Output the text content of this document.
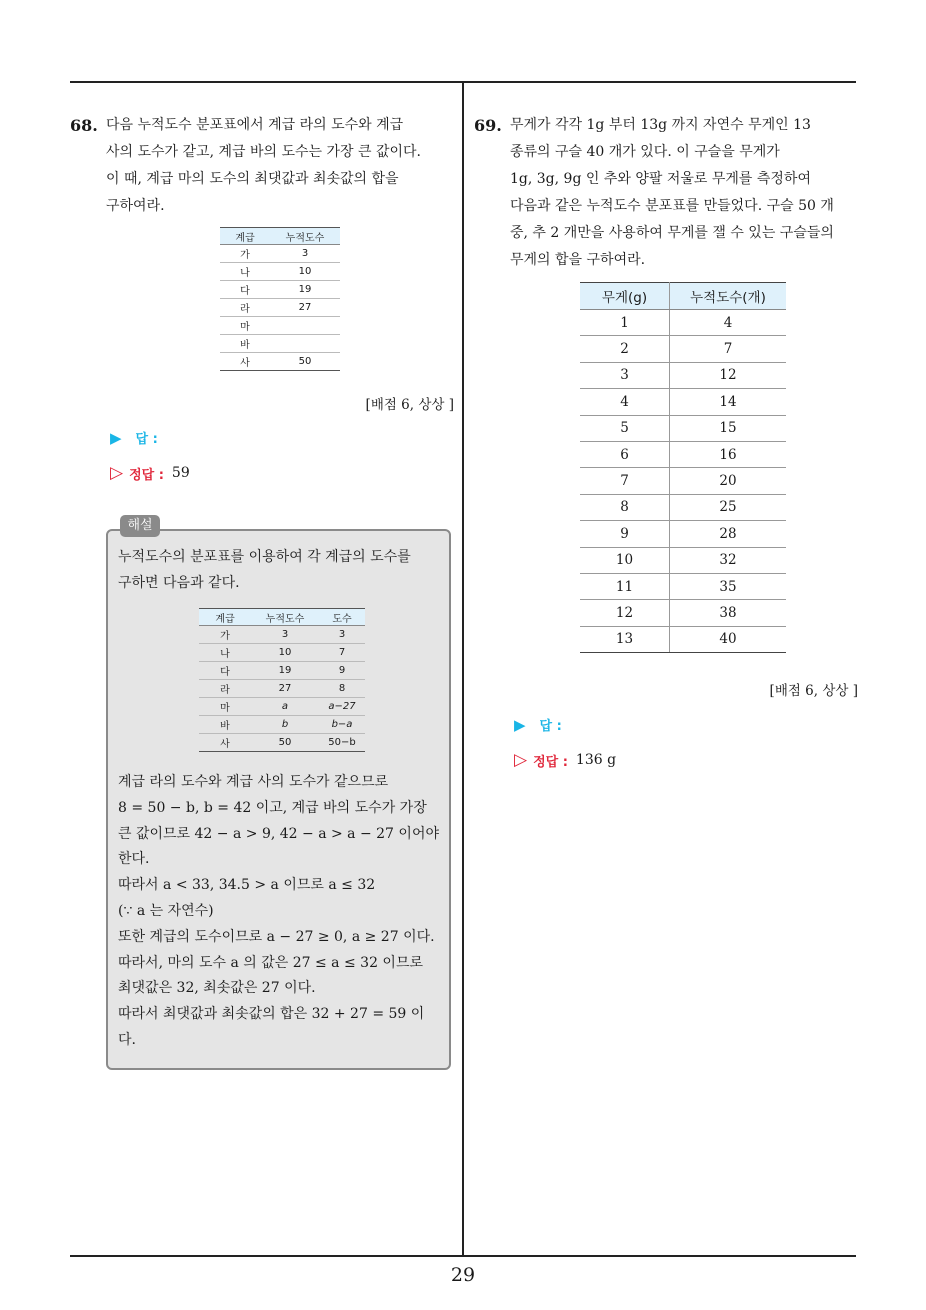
29
68. 다음 누적도수 분포표에서 계급 라의 도수와 계급
사의 도수가 같고, 계급 바의 도수는 가장 큰 값이다.
이 때, 계급 마의 도수의 최댓값과 최솟값의 합을
구하여라.
계급	누적도수
가	3
나	10
다	19
라	27
마	
바	
사	50
[배점 6, 상상 ]
▶ 답 :
▷ 정답 : 59
해설
누적도수의 분포표를 이용하여 각 계급의 도수를
구하면 다음과 같다.
계급	누적도수	도수
가	3	3
나	10	7
다	19	9
라	27	8
마	a	a−27
바	b	b−a
사	50	50−b
계급 라의 도수와 계급 사의 도수가 같으므로
8 = 50 − b, b = 42 이고, 계급 바의 도수가 가장
큰 값이므로 42 − a > 9, 42 − a > a − 27 이어야
한다.
따라서 a < 33, 34.5 > a 이므로 a ≤ 32
(∵ a 는 자연수)
또한 계급의 도수이므로 a − 27 ≥ 0, a ≥ 27 이다.
따라서, 마의 도수 a 의 값은 27 ≤ a ≤ 32 이므로
최댓값은 32, 최솟값은 27 이다.
따라서 최댓값과 최솟값의 합은 32 + 27 = 59 이
다.
69. 무게가 각각 1g 부터 13g 까지 자연수 무게인 13
종류의 구슬 40 개가 있다. 이 구슬을 무게가
1g, 3g, 9g 인 추와 양팔 저울로 무게를 측정하여
다음과 같은 누적도수 분포표를 만들었다. 구슬 50 개
중, 추 2 개만을 사용하여 무게를 잴 수 있는 구슬들의
무게의 합을 구하여라.
무게(g)	누적도수(개)
1	4
2	7
3	12
4	14
5	15
6	16
7	20
8	25
9	28
10	32
11	35
12	38
13	40
[배점 6, 상상 ]
▶ 답 :
▷ 정답 : 136 g
